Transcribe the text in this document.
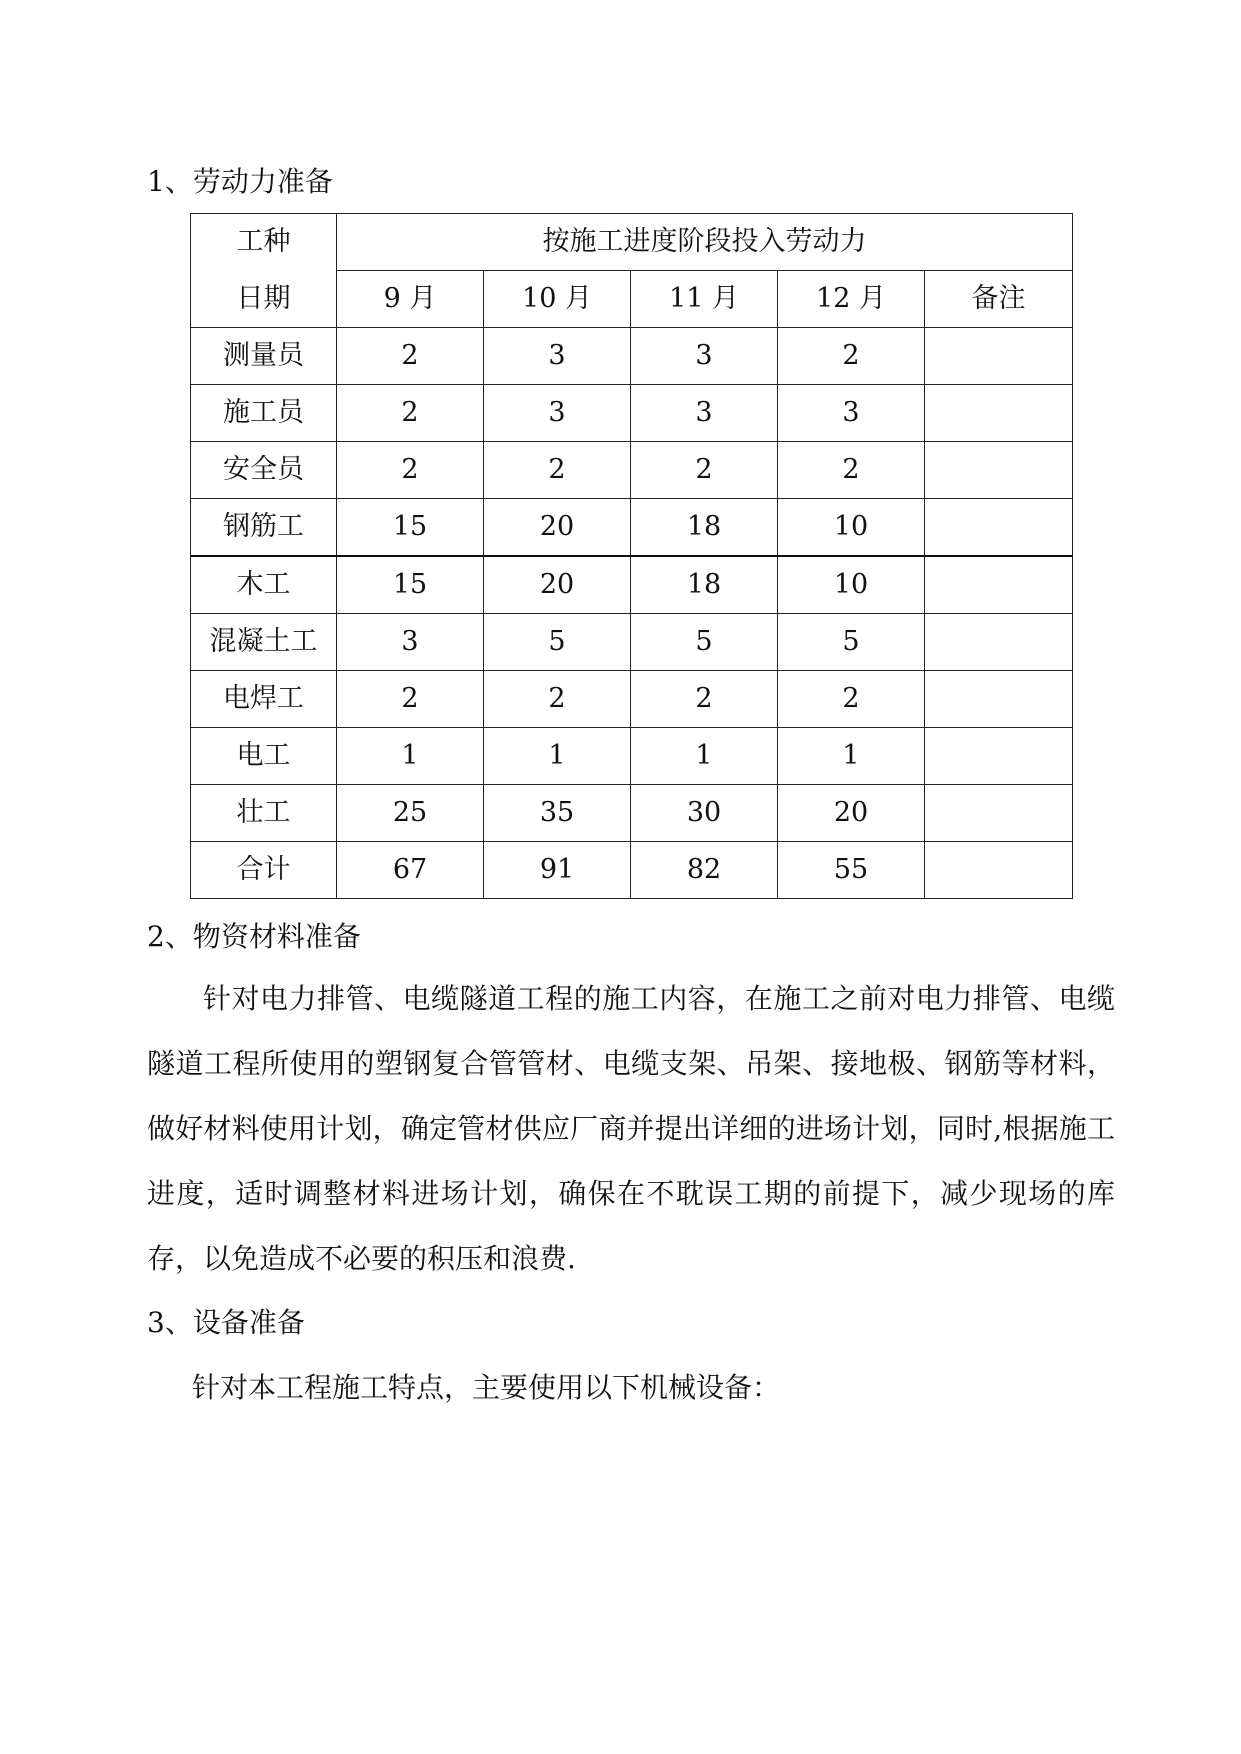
1、劳动力准备
工种	按施工进度阶段投入劳动力				
日期	9 月	10 月	11 月	12 月	备注
测量员	2	3	3	2	
施工员	2	3	3	3	
安全员	2	2	2	2	
钢筋工	15	20	18	10	
木工	15	20	18	10	
混凝土工	3	5	5	5	
电焊工	2	2	2	2	
电工	1	1	1	1	
壮工	25	35	30	20	
合计	67	91	82	55	
2、物资材料准备
针对电力排管、电缆隧道工程的施工内容，在施工之前对电力排管、电缆隧道工程所使用的塑钢复合管管材、电缆支架、吊架、接地极、钢筋等材料，做好材料使用计划，确定管材供应厂商并提出详细的进场计划，同时,根据施工进度，适时调整材料进场计划，确保在不耽误工期的前提下，减少现场的库存，以免造成不必要的积压和浪费.
3、设备准备
针对本工程施工特点，主要使用以下机械设备：
